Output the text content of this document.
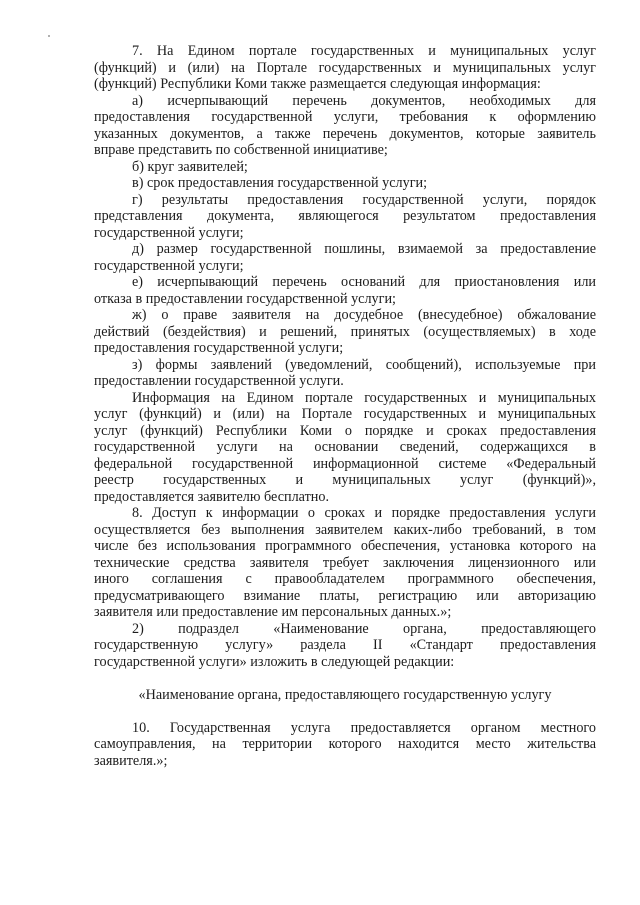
7. На Едином портале государственных и муниципальных услуг
(функций) и (или) на Портале государственных и муниципальных услуг
(функций) Республики Коми также размещается следующая информация:
а) исчерпывающий перечень документов, необходимых для
предоставления государственной услуги, требования к оформлению
указанных документов, а также перечень документов, которые заявитель
вправе представить по собственной инициативе;
б) круг заявителей;
в) срок предоставления государственной услуги;
г) результаты предоставления государственной услуги, порядок
представления документа, являющегося результатом предоставления
государственной услуги;
д) размер государственной пошлины, взимаемой за предоставление
государственной услуги;
е) исчерпывающий перечень оснований для приостановления или
отказа в предоставлении государственной услуги;
ж) о праве заявителя на досудебное (внесудебное) обжалование
действий (бездействия) и решений, принятых (осуществляемых) в ходе
предоставления государственной услуги;
з) формы заявлений (уведомлений, сообщений), используемые при
предоставлении государственной услуги.
Информация на Едином портале государственных и муниципальных
услуг (функций) и (или) на Портале государственных и муниципальных
услуг (функций) Республики Коми о порядке и сроках предоставления
государственной услуги на основании сведений, содержащихся в
федеральной государственной информационной системе «Федеральный
реестр государственных и муниципальных услуг (функций)»,
предоставляется заявителю бесплатно.
8. Доступ к информации о сроках и порядке предоставления услуги
осуществляется без выполнения заявителем каких-либо требований, в том
числе без использования программного обеспечения, установка которого на
технические средства заявителя требует заключения лицензионного или
иного соглашения с правообладателем программного обеспечения,
предусматривающего взимание платы, регистрацию или авторизацию
заявителя или предоставление им персональных данных.»;
2) подраздел «Наименование органа, предоставляющего
государственную услугу» раздела II «Стандарт предоставления
государственной услуги» изложить в следующей редакции:
«Наименование органа, предоставляющего государственную услугу
10. Государственная услуга предоставляется органом местного
самоуправления, на территории которого находится место жительства
заявителя.»;
